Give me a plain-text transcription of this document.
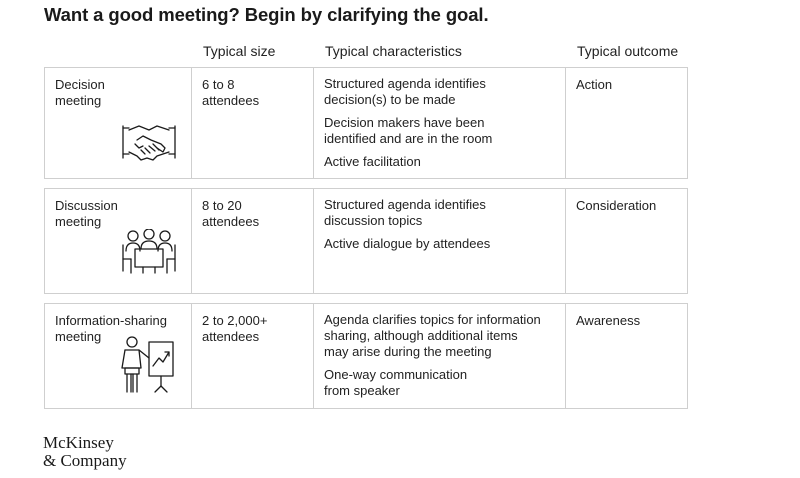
Want a good meeting? Begin by clarifying the goal.
Typical size	Typical characteristics	Typical outcome
Decision
meeting
6 to 8
attendees
Structured agenda identifies
decision(s) to be made
Decision makers have been
identified and are in the room
Active facilitation
Action
Discussion
meeting
8 to 20
attendees
Structured agenda identifies
discussion topics
Active dialogue by attendees
Consideration
Information-sharing
meeting
2 to 2,000+
attendees
Agenda clarifies topics for information
sharing, although additional items
may arise during the meeting
One-way communication
from speaker
Awareness
McKinsey
& Company
